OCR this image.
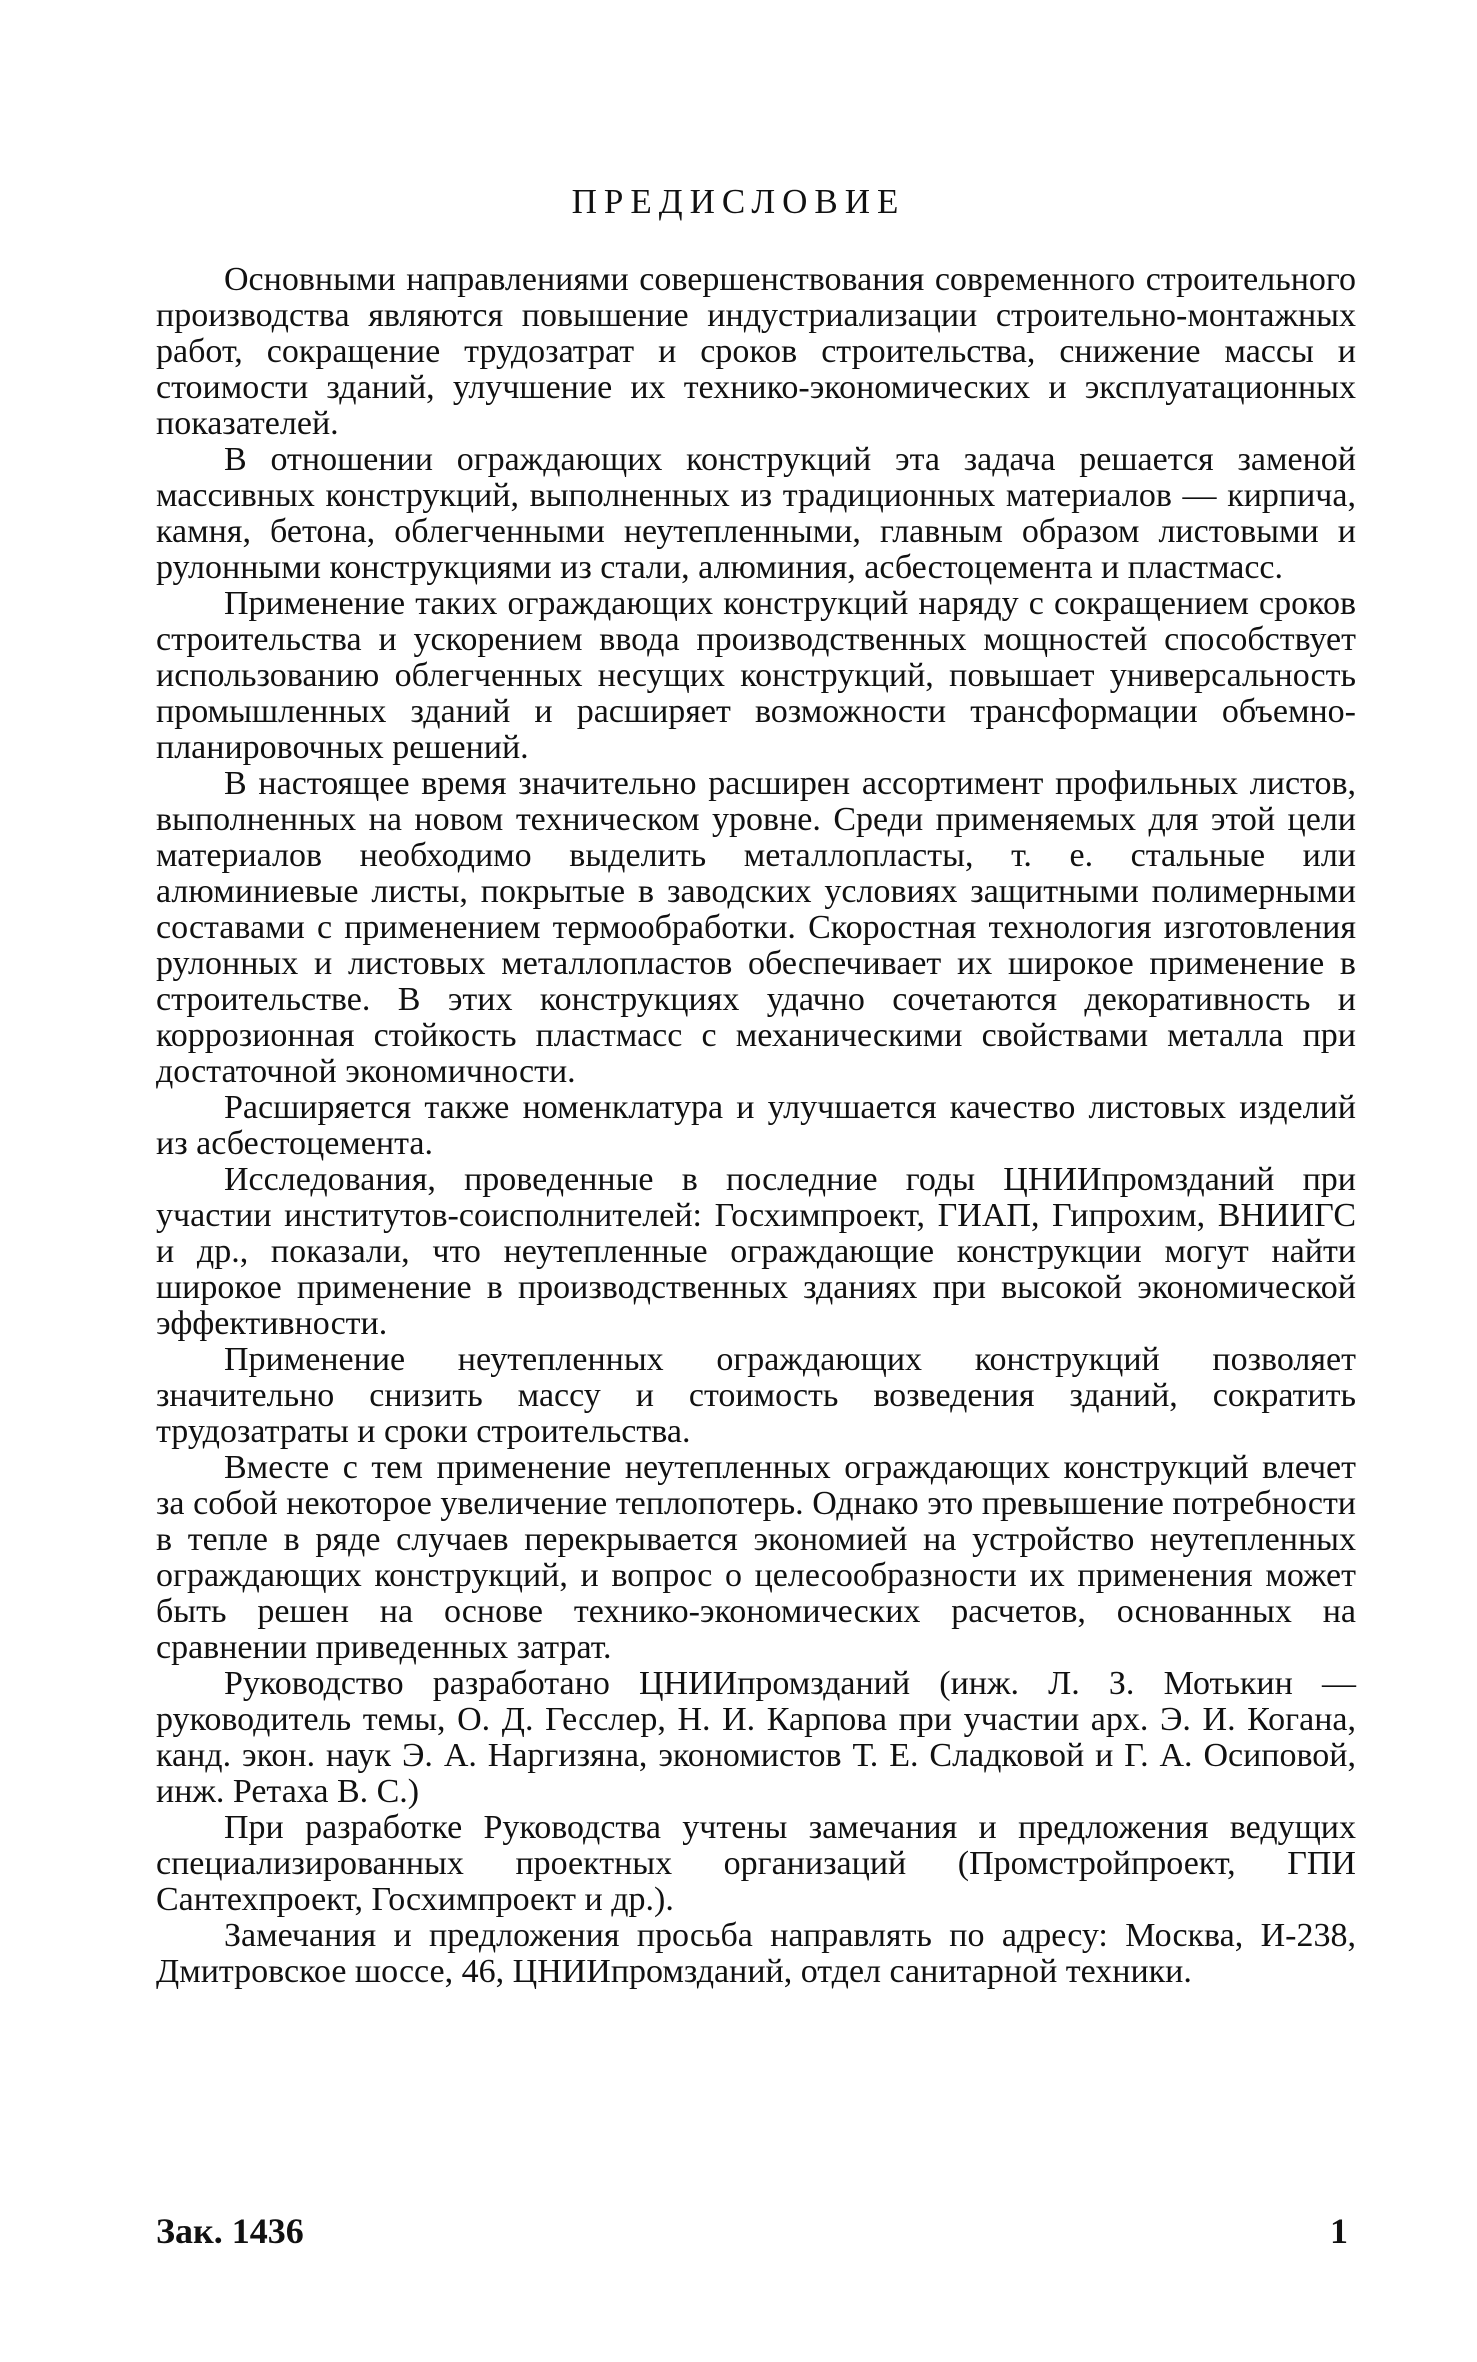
ПРЕДИСЛОВИЕ

Основными направлениями совершенствования современного строительного производства являются повышение индустриализации строительно-монтажных работ, сокращение трудозатрат и сроков строительства, снижение массы и стоимости зданий, улучшение их технико-экономических и эксплуатационных показателей.

В отношении ограждающих конструкций эта задача решается заменой массивных конструкций, выполненных из традиционных материалов — кирпича, камня, бетона, облегченными неутепленными, главным образом листовыми и рулонными конструкциями из стали, алюминия, асбестоцемента и пластмасс.

Применение таких ограждающих конструкций наряду с сокращением сроков строительства и ускорением ввода производственных мощностей способствует использованию облегченных несущих конструкций, повышает универсальность промышленных зданий и расширяет возможности трансформации объемно-планировочных решений.

В настоящее время значительно расширен ассортимент профильных листов, выполненных на новом техническом уровне. Среди применяемых для этой цели материалов необходимо выделить металлопласты, т. е. стальные или алюминиевые листы, покрытые в заводских условиях защитными полимерными составами с применением термообработки. Скоростная технология изготовления рулонных и листовых металлопластов обеспечивает их широкое применение в строительстве. В этих конструкциях удачно сочетаются декоративность и коррозионная стойкость пластмасс с механическими свойствами металла при достаточной экономичности.

Расширяется также номенклатура и улучшается качество листовых изделий из асбестоцемента.

Исследования, проведенные в последние годы ЦНИИпромзданий при участии институтов-соисполнителей: Госхимпроект, ГИАП, Гипрохим, ВНИИГС и др., показали, что неутепленные ограждающие конструкции могут найти широкое применение в производственных зданиях при высокой экономической эффективности.

Применение неутепленных ограждающих конструкций позволяет значительно снизить массу и стоимость возведения зданий, сократить трудозатраты и сроки строительства.

Вместе с тем применение неутепленных ограждающих конструкций влечет за собой некоторое увеличение теплопотерь. Однако это превышение потребности в тепле в ряде случаев перекрывается экономией на устройство неутепленных ограждающих конструкций, и вопрос о целесообразности их применения может быть решен на основе технико-экономических расчетов, основанных на сравнении приведенных затрат.

Руководство разработано ЦНИИпромзданий (инж. Л. З. Мотькин — руководитель темы, О. Д. Гесслер, Н. И. Карпова при участии арх. Э. И. Когана, канд. экон. наук Э. А. Наргизяна, экономистов Т. Е. Сладковой и Г. А. Осиповой, инж. Ретаха В. С.)

При разработке Руководства учтены замечания и предложения ведущих специализированных проектных организаций (Промстройпроект, ГПИ Сантехпроект, Госхимпроект и др.).

Замечания и предложения просьба направлять по адресу: Москва, И-238, Дмитровское шоссе, 46, ЦНИИпромзданий, отдел санитарной техники.

Зак. 1436	1
